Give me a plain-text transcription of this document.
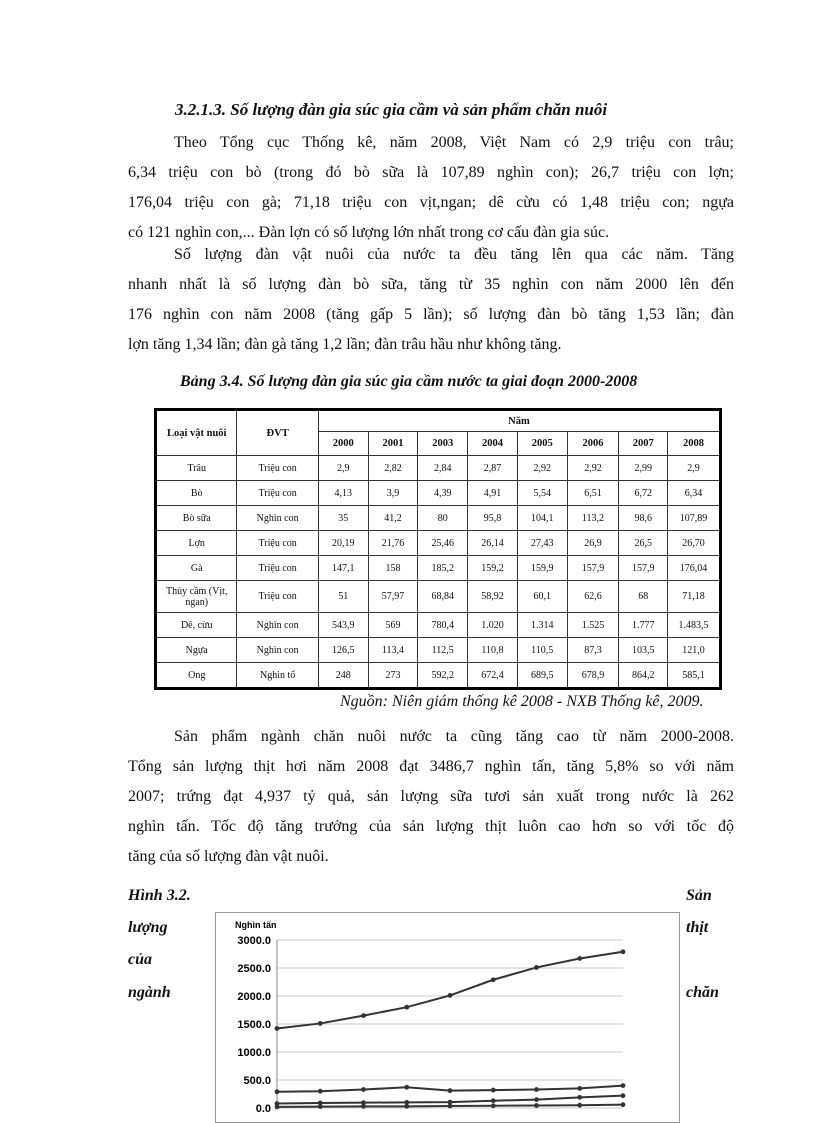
3.2.1.3. Số lượng đàn gia súc gia cầm và sản phẩm chăn nuôi
Theo Tổng cục Thống kê, năm 2008, Việt Nam có 2,9 triệu con trâu;
6,34 triệu con bò (trong đó bò sữa là 107,89 nghìn con); 26,7 triệu con lợn;
176,04 triệu con gà; 71,18 triệu con vịt,ngan; dê cừu có 1,48 triệu con; ngựa
có 121 nghìn con,... Đàn lợn có số lượng lớn nhất trong cơ cấu đàn gia súc.
Số lượng đàn vật nuôi của nước ta đều tăng lên qua các năm. Tăng
nhanh nhất là số lượng đàn bò sữa, tăng từ 35 nghìn con năm 2000 lên đến
176 nghìn con năm 2008 (tăng gấp 5 lần); số lượng đàn bò tăng 1,53 lần; đàn
lợn tăng 1,34 lần; đàn gà tăng 1,2 lần; đàn trâu hầu như không tăng.
Bảng 3.4. Số lượng đàn gia súc gia cầm nước ta giai đoạn 2000-2008
Loại vật nuôi	ĐVT	Năm							
		2000	2001	2003	2004	2005	2006	2007	2008
Trâu	Triệu con	2,9	2,82	2,84	2,87	2,92	2,92	2,99	2,9
Bò	Triệu con	4,13	3,9	4,39	4,91	5,54	6,51	6,72	6,34
Bò sữa	Nghìn con	35	41,2	80	95,8	104,1	113,2	98,6	107,89
Lợn	Triệu con	20,19	21,76	25,46	26,14	27,43	26,9	26,5	26,70
Gà	Triệu con	147,1	158	185,2	159,2	159,9	157,9	157,9	176,04
Thủy cầm (Vịt, ngan)	Triệu con	51	57,97	68,84	58,92	60,1	62,6	68	71,18
Dê, cừu	Nghìn con	543,9	569	780,4	1.020	1.314	1.525	1.777	1.483,5
Ngựa	Nghìn con	126,5	113,4	112,5	110,8	110,5	87,3	103,5	121,0
Ong	Nghìn tổ	248	273	592,2	672,4	689,5	678,9	864,2	585,1
Nguồn: Niên giám thống kê 2008 - NXB Thống kê, 2009.
Sản phẩm ngành chăn nuôi nước ta cũng tăng cao từ năm 2000-2008.
Tổng sản lượng thịt hơi năm 2008 đạt 3486,7 nghìn tấn, tăng 5,8% so với năm
2007; trứng đạt 4,937 tỷ quả, sản lượng sữa tươi sản xuất trong nước là 262
nghìn tấn. Tốc độ tăng trưởng của sản lượng thịt luôn cao hơn so với tốc độ
tăng của số lượng đàn vật nuôi.
Hình 3.2.
lượng
của
ngành
Sản
thịt
chăn
Nghìn tấn
3000.0
2500.0
2000.0
1500.0
1000.0
500.0
0.0
